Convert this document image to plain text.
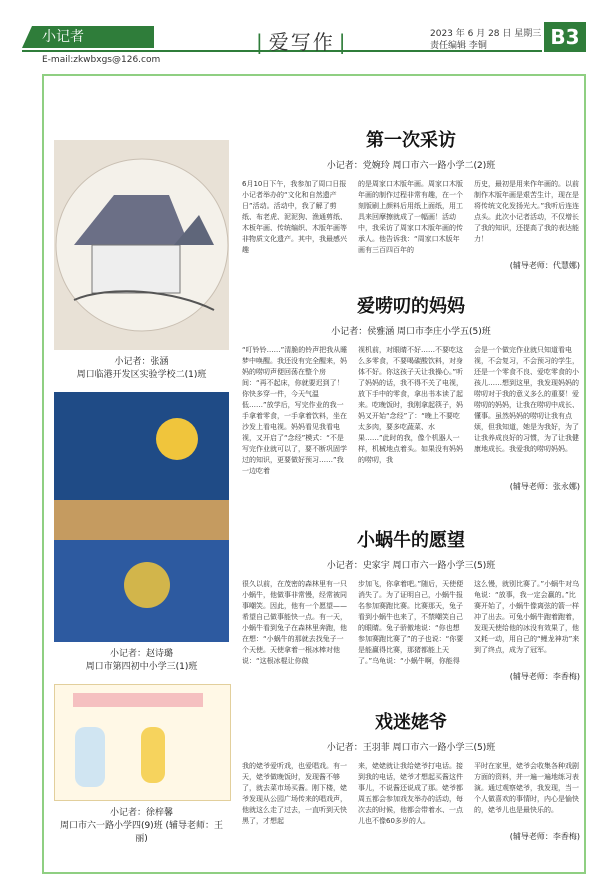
小记者
E-mail:zkwbxgs@126.com
| 爱写作 |	2023 年 6 月 28 日 星期三
责任编辑 李铜	B3
小记者：张涵
周口临港开发区实验学校二(1)班
小记者：赵诗璐
周口市第四初中小学三(1)班
小记者：徐梓馨
周口市六一路小学四(9)班 (辅导老师：王丽)
第一次采访
小记者：党婉玲 周口市六一路小学二(2)班
6月10日下午，我参加了周口日报小记者举办的“文化和自然遗产日”活动。活动中，我了解了剪纸、布老虎、泥泥狗、渔通剪纸、木板年画、传统编织、木版年画等非物质文化遗产。其中，我最感兴趣
的是周家口木版年画。周家口木版年画的制作过程非常有趣，在一个刻版刷上颜料后用纸上面纸，用工具来回摩擦就成了一幅画！活动中，我采访了周家口木版年画的传承人。他告诉我：“周家口木版年画有三百四百年的
历史，最初是用来作年画的。以前制作木版年画是艰苦生计，现在是将传统文化发扬光大。”我听后连连点头。此次小记者活动，不仅增长了我的知识，还提高了我的表达能力！
(辅导老师：代慧娜)
爱唠叨的妈妈
小记者：侯雅涵 周口市李庄小学五(5)班
“叮铃铃……”清脆的铃声把我从睡梦中唤醒。我还没有完全醒来，妈妈的唠叨声便回荡在整个房间：“再不起床，你就要迟到了！你快多穿一件，今天气温低……”放学后，写完作业的我一手拿着零食，一手拿着饮料，坐在沙发上看电视。妈妈看见我看电视，又开启了“念经”模式：“不是写完作业就可以了，要不断巩固学过的知识，更要做好预习……”我一边吃着
视机前，对眼睛不好……不要吃这么多零食，不要喝碳酸饮料，对身体不好。你这孩子天让我操心。”听了妈妈的话，我不得不关了电视，放下手中的零食，拿出书本读了起来。吃晚饭时，我刚拿起筷子，妈妈又开始“念经”了：“晚上不要吃太多肉，要多吃蔬菜、水果……”此时的我，像个机器人一样，机械地点着头。如果没有妈妈的唠叨，我
会是一个做完作业就只知道看电视，不会复习，不会预习的学生，还是一个零食不良、爱吃零食的小孩儿……想到这里，我发现妈妈的唠叨对于我的意义多么的重要！爱唠叨的妈妈，让我在唠叨中成长、懂事。虽然妈妈的唠叨让我有点烦，但我知道，她是为我好，为了让我养成良好的习惯，为了让我健康地成长。我爱我的唠叨妈妈。
(辅导老师：张永娜)
小蜗牛的愿望
小记者：史家宇 周口市六一路小学三(5)班
很久以前，在茂密的森林里有一只小蜗牛，他做事非常慢，经常被同事嘲笑。因此，他有一个愿望——希望自己做事能快一点。有一天，小蜗牛看到兔子在森林里奔跑，他在想：“小蜗牛的那就去找兔子一个天使。天使拿着一根冰棒对他说：“这根冰棍让你做
步加飞，你拿着吧。”随后，天使便消失了。为了证明自己，小蜗牛报名参加赛跑比赛。比赛那天，兔子看到小蜗牛也来了，不禁嘲笑自己的眼睛。兔子骄傲地说：“你也想参加赛跑比赛了”的子也说：“你要是能赢得比赛，那猪都能上天了。”乌龟说：“小蜗牛啊，你能得
这么慢，就别比赛了。”小蜗牛对乌龟说：“放事，我一定会赢的。”比赛开始了，小蜗牛像离弦的箭一样冲了出去。可兔小蜗牛跑着跑着，发现天使给他的冰没有效果了，他又耗一动，用自己的“鲤龙神功”来到了终点，成为了冠军。
(辅导老师：李香梅)
戏迷姥爷
小记者：王羽菲 周口市六一路小学三(5)班
我的姥爷爱听戏，也爱唱戏。有一天，姥爷做晚饭时，发现酱不够了，就去菜市场买酱。刚下楼，姥爷发现从公园广场传来的唱戏声，他就这么走了过去，一直听到天快黑了，才想起
来，姥姥就让我给姥爷打电话。接到我的电话，姥爷才想起买酱这件事儿，不说酱还说成了那。姥爷都周五都会参加戏友举办的活动，每次去的时候，他都会带着水、一点儿也不像60多岁的人。
平时在家里，姥爷会收集各种戏剧方面的资料，并一遍一遍地练习表演。通过观察姥爷，我发现，当一个人做喜欢的事情时，内心是愉快的，姥爷儿也是最快乐的。
(辅导老师：李香梅)
